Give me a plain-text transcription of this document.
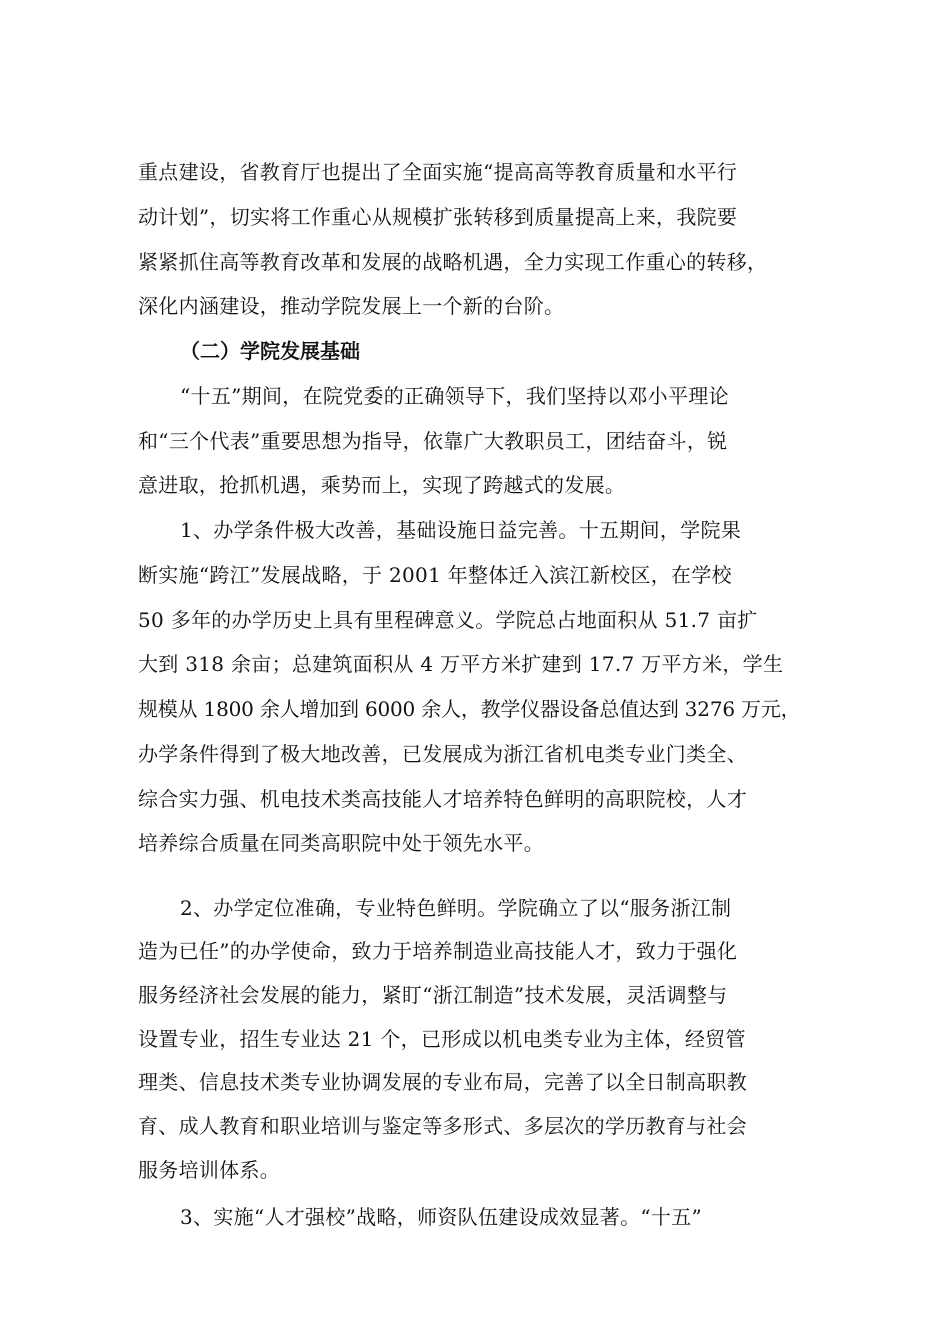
重点建设，省教育厅也提出了全面实施“提高高等教育质量和水平行
动计划”，切实将工作重心从规模扩张转移到质量提高上来，我院要
紧紧抓住高等教育改革和发展的战略机遇，全力实现工作重心的转移，
深化内涵建设，推动学院发展上一个新的台阶。
（二）学院发展基础
“十五”期间，在院党委的正确领导下，我们坚持以邓小平理论
和“三个代表”重要思想为指导，依靠广大教职员工，团结奋斗，锐
意进取，抢抓机遇，乘势而上，实现了跨越式的发展。
1、办学条件极大改善，基础设施日益完善。十五期间，学院果
断实施“跨江”发展战略，于 2001 年整体迁入滨江新校区，在学校
50 多年的办学历史上具有里程碑意义。学院总占地面积从 51.7 亩扩
大到 318 余亩；总建筑面积从 4 万平方米扩建到 17.7 万平方米，学生
规模从 1800 余人增加到 6000 余人，教学仪器设备总值达到 3276 万元，
办学条件得到了极大地改善，已发展成为浙江省机电类专业门类全、
综合实力强、机电技术类高技能人才培养特色鲜明的高职院校，人才
培养综合质量在同类高职院中处于领先水平。
2、办学定位准确，专业特色鲜明。学院确立了以“服务浙江制
造为已任”的办学使命，致力于培养制造业高技能人才，致力于强化
服务经济社会发展的能力，紧盯“浙江制造”技术发展，灵活调整与
设置专业，招生专业达 21 个，已形成以机电类专业为主体，经贸管
理类、信息技术类专业协调发展的专业布局，完善了以全日制高职教
育、成人教育和职业培训与鉴定等多形式、多层次的学历教育与社会
服务培训体系。
3、实施“人才强校”战略，师资队伍建设成效显著。“十五”
